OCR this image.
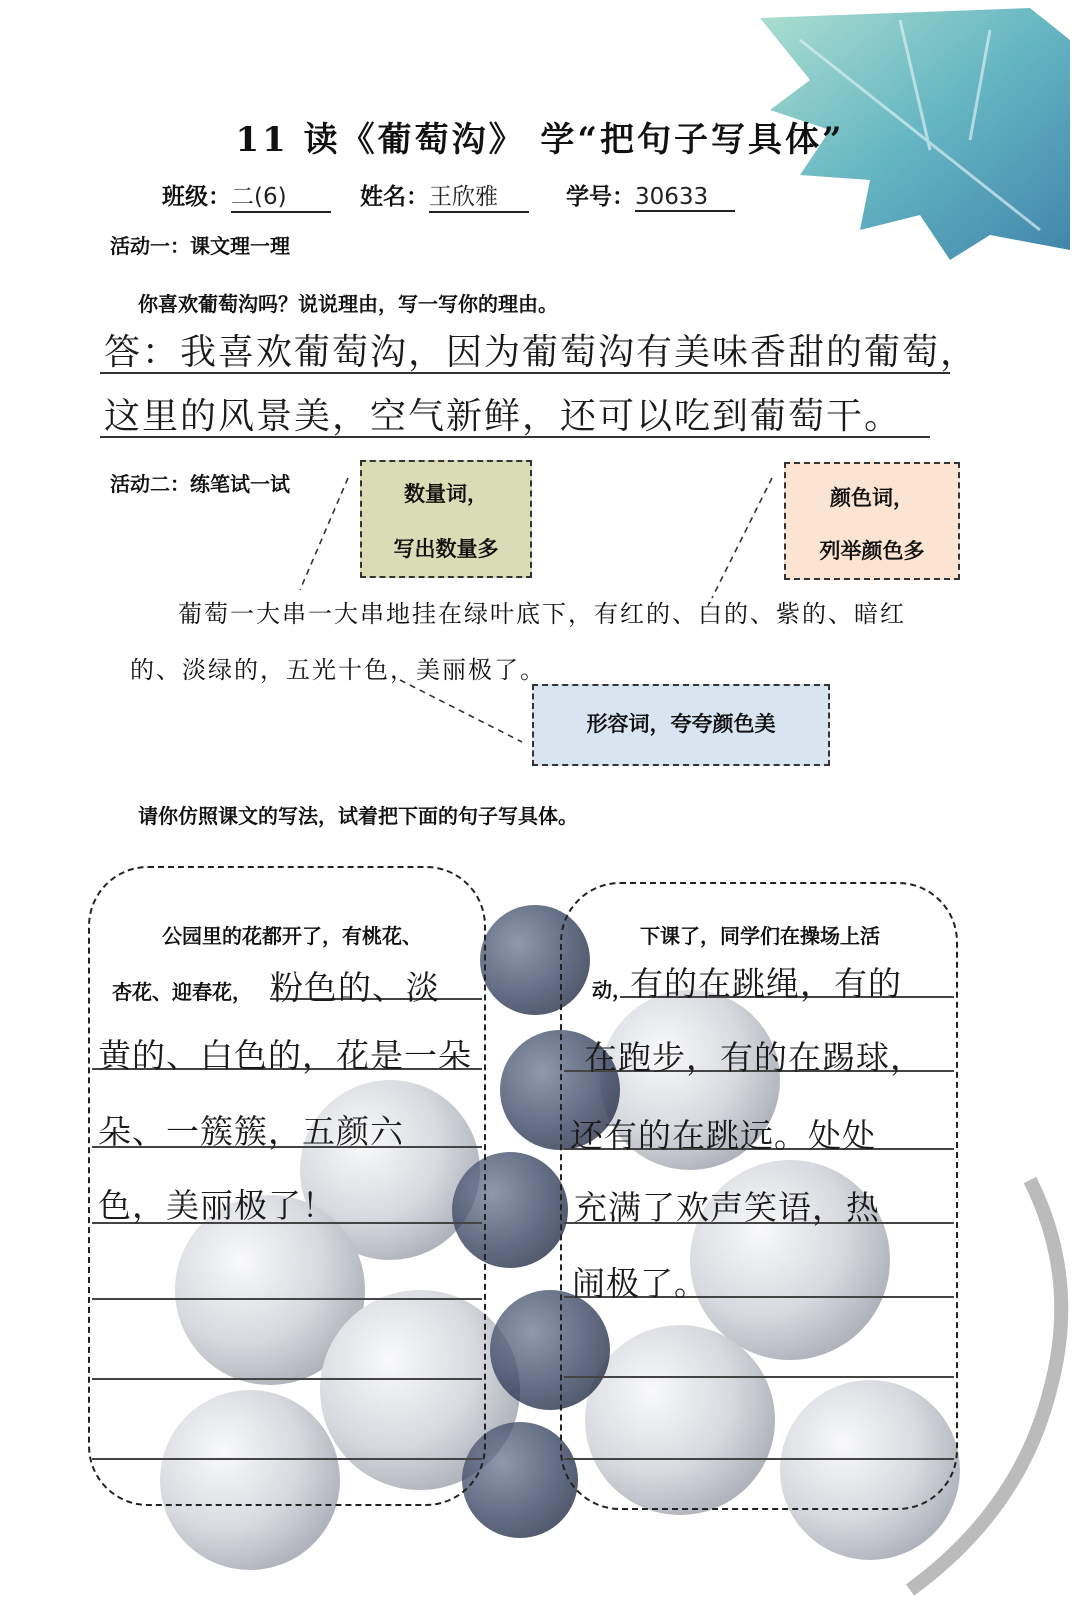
11 读《葡萄沟》 学“把句子写具体”
班级：二(6)	姓名：王欣雅	学号：30633
活动一：课文理一理
你喜欢葡萄沟吗？说说理由，写一写你的理由。
答：我喜欢葡萄沟，因为葡萄沟有美味香甜的葡萄，
这里的风景美，空气新鲜，还可以吃到葡萄干。
活动二：练笔试一试	数量词，
写出数量多
颜色词，
列举颜色多
葡萄一大串一大串地挂在绿叶底下，有红的、白的、紫的、暗红
的、淡绿的，五光十色，美丽极了。
形容词，夸夸颜色美
请你仿照课文的写法，试着把下面的句子写具体。
公园里的花都开了，有桃花、
杏花、迎春花， 粉色的、淡
黄的、白色的，花是一朵
朵、一簇簇，五颜六
色，美丽极了！
下课了，同学们在操场上活
动，
有的在跳绳，有的
在跑步，有的在踢球，
还有的在跳远。处处
充满了欢声笑语，热
闹极了。
